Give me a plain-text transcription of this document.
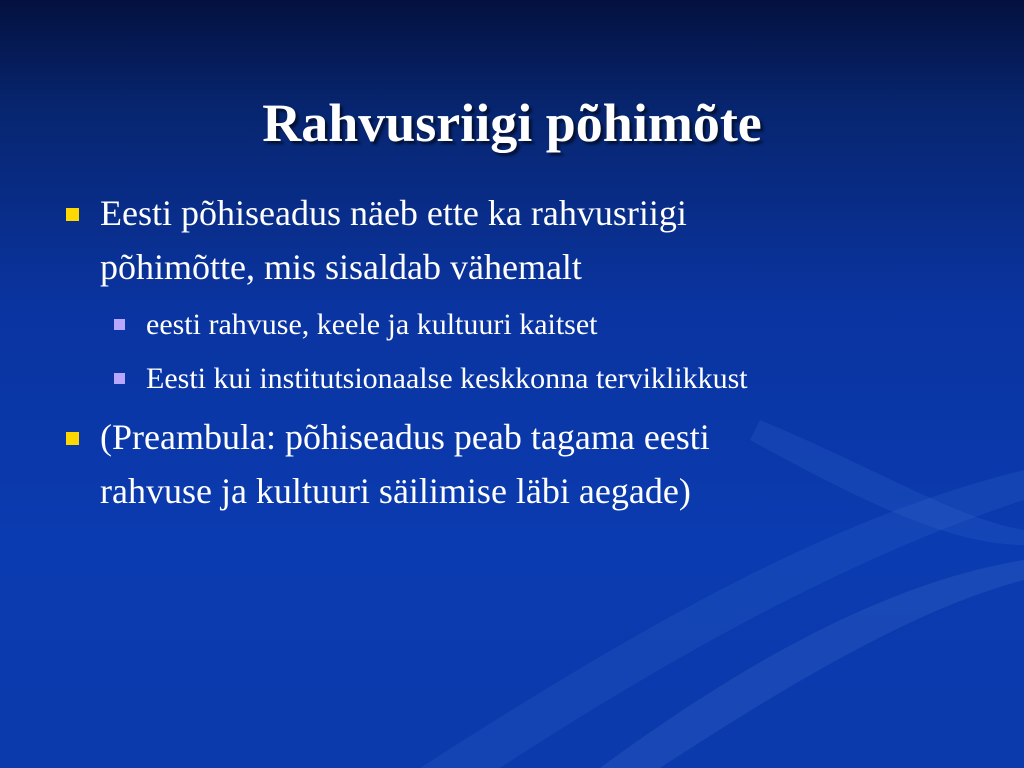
Rahvusriigi põhimõte
Eesti põhiseadus näeb ette ka rahvusriigi
põhimõtte, mis sisaldab vähemalt
eesti rahvuse, keele ja kultuuri kaitset
Eesti kui institutsionaalse keskkonna terviklikkust
(Preambula: põhiseadus peab tagama eesti
rahvuse ja kultuuri säilimise läbi aegade)
